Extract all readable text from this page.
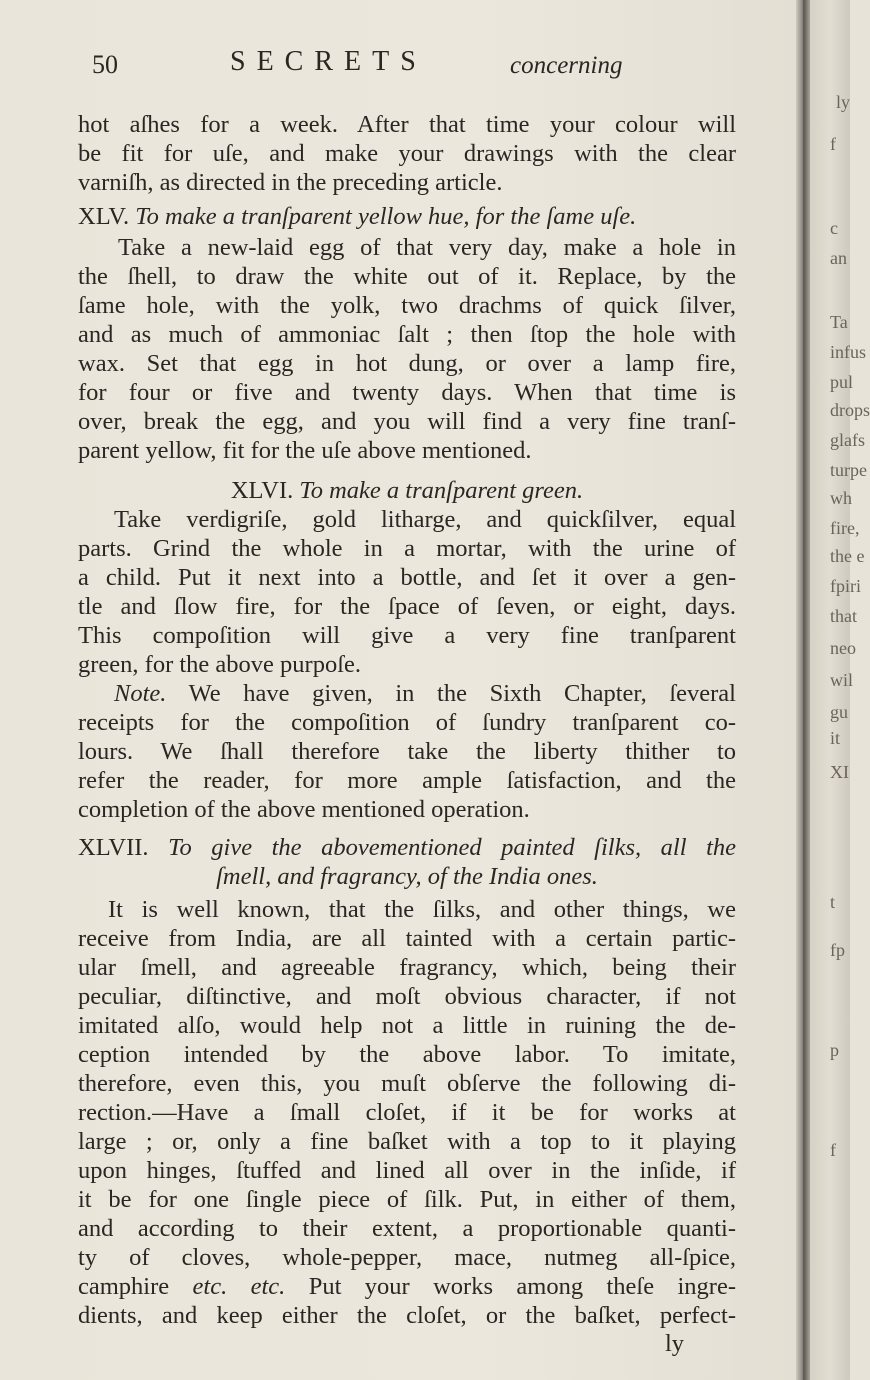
50	SECRETS	concerning
hot aſhes for a week. After that time your colour will
be fit for uſe, and make your drawings with the clear
varniſh, as directed in the preceding article.
XLV. To make a tranſparent yellow hue, for the ſame uſe.
Take a new-laid egg of that very day, make a hole in
the ſhell, to draw the white out of it. Replace, by the
ſame hole, with the yolk, two drachms of quick ſilver,
and as much of ammoniac ſalt ; then ſtop the hole with
wax. Set that egg in hot dung, or over a lamp fire,
for four or five and twenty days. When that time is
over, break the egg, and you will find a very fine tranſ-
parent yellow, fit for the uſe above mentioned.
XLVI. To make a tranſparent green.
Take verdigriſe, gold litharge, and quickſilver, equal
parts. Grind the whole in a mortar, with the urine of
a child. Put it next into a bottle, and ſet it over a gen-
tle and ſlow fire, for the ſpace of ſeven, or eight, days.
This compoſition will give a very fine tranſparent
green, for the above purpoſe.
Note. We have given, in the Sixth Chapter, ſeveral
receipts for the compoſition of ſundry tranſparent co-
lours. We ſhall therefore take the liberty thither to
refer the reader, for more ample ſatisfaction, and the
completion of the above mentioned operation.
XLVII. To give the abovementioned painted ſilks, all the
ſmell, and fragrancy, of the India ones.
It is well known, that the ſilks, and other things, we
receive from India, are all tainted with a certain partic-
ular ſmell, and agreeable fragrancy, which, being their
peculiar, diſtinctive, and moſt obvious character, if not
imitated alſo, would help not a little in ruining the de-
ception intended by the above labor. To imitate,
therefore, even this, you muſt obſerve the following di-
rection.—Have a ſmall cloſet, if it be for works at
large ; or, only a fine baſket with a top to it playing
upon hinges, ſtuffed and lined all over in the inſide, if
it be for one ſingle piece of ſilk. Put, in either of them,
and according to their extent, a proportionable quanti-
ty of cloves, whole-pepper, mace, nutmeg all-ſpice,
camphire etc. etc. Put your works among theſe ingre-
dients, and keep either the cloſet, or the baſket, perfect-
ly
ly
f
c
an
Ta
infus
pul
drops
glafs
turpe
wh
fire,
the e
fpiri
that
neo
wil
gu
it
XI
t
fp
p
f
